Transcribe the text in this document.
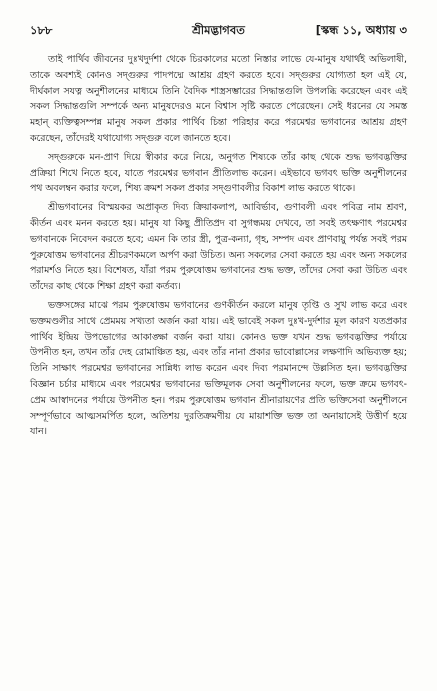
১৮৮	শ্রীমদ্ভাগবত	[স্কন্ধ ১১, অধ্যায় ৩

তাই পার্থিব জীবনের দুঃখদুর্দশা থেকে চিরকালের মতো নিস্তার লাভে যে-মানুষ যথার্থই অভিলাষী, তাকে অবশ্যই কোনও সদ্গুরুর পাদপদ্মে আশ্রয় গ্রহণ করতে হবে। সদ্গুরুর যোগ্যতা হল এই যে, দীর্ঘকাল সযত্ন অনুশীলনের মাধ্যমে তিনি বৈদিক শাস্ত্রসম্ভারের সিদ্ধান্তগুলি উপলব্ধি করেছেন এবং এই সকল সিদ্ধান্তগুলি সম্পর্কে অন্য মানুষদেরও মনে বিশ্বাস সৃষ্টি করতে পেরেছেন। সেই ধরনের যে সমস্ত মহান্ ব্যক্তিত্বসম্পন্ন মানুষ সকল প্রকার পার্থিব চিন্তা পরিহার করে পরমেশ্বর ভগবানের আশ্রয় গ্রহণ করেছেন, তাঁদেরই যথাযোগ্য সদ্গুরু বলে জানতে হবে।

সদ্গুরুকে মন-প্রাণ দিয়ে স্বীকার করে নিয়ে, অনুগত শিষ্যকে তাঁর কাছ থেকে শুদ্ধ ভগবদ্ভক্তির প্রক্রিয়া শিখে নিতে হবে, যাতে পরমেশ্বর ভগবান প্রীতিলাভ করেন। এইভাবে ভগবৎ ভক্তি অনুশীলনের পথ অবলম্বন করার ফলে, শিষ্য ক্রমশ সকল প্রকার সদ্গুণাবলীর বিকাশ লাভ করতে থাকে।

শ্রীভগবানের বিস্ময়কর অপ্রাকৃত দিব্য ক্রিয়াকলাপ, আবির্ভাব, গুণাবলী এবং পবিত্র নাম শ্রবণ, কীর্তন এবং মনন করতে হয়। মানুষ যা কিছু প্রীতিপ্রদ বা সুগন্ধময় দেখবে, তা সবই তৎক্ষণাৎ পরমেশ্বর ভগবানকে নিবেদন করতে হবে; এমন কি তার স্ত্রী, পুত্র-কন্যা, গৃহ, সম্পদ এবং প্রাণবায়ু পর্যন্ত সবই পরম পুরুষোত্তম ভগবানের শ্রীচরণকমলে অর্পণ করা উচিত। অন্য সকলের সেবা করতে হয় এবং অন্য সকলের পরামর্শও নিতে হয়। বিশেষত, যাঁরা পরম পুরুষোত্তম ভগবানের শুদ্ধ ভক্ত, তাঁদের সেবা করা উচিত এবং তাঁদের কাছ থেকে শিক্ষা গ্রহণ করা কর্তব্য।

ভক্তসঙ্গের মাঝে পরম পুরুষোত্তম ভগবানের গুণকীর্তন করলে মানুষ তৃপ্তি ও সুখ লাভ করে এবং ভক্তমণ্ডলীর সাথে প্রেমময় সখ্যতা অর্জন করা যায়। এই ভাবেই সকল দুঃখ-দুর্দশার মূল কারণ যতপ্রকার পার্থিব ইন্দ্রিয় উপভোগের আকাঙ্ক্ষা বর্জন করা যায়। কোনও ভক্ত যখন শুদ্ধ ভগবদ্ভক্তির পর্যায়ে উপনীত হন, তখন তাঁর দেহ রোমাঞ্চিত হয়, এবং তাঁর নানা প্রকার ভাবোল্লাসের লক্ষণাদি অভিব্যক্ত হয়; তিনি সাক্ষাৎ পরমেশ্বর ভগবানের সান্নিধ্য লাভ করেন এবং দিব্য পরমানন্দে উল্লসিত হন। ভগবদ্ভক্তির বিজ্ঞান চর্চার মাধ্যমে এবং পরমেশ্বর ভগবানের ভক্তিমূলক সেবা অনুশীলনের ফলে, ভক্ত ক্রমে ভগবৎ-প্রেম আস্বাদনের পর্যায়ে উপনীত হন। পরম পুরুষোত্তম ভগবান শ্রীনারায়ণের প্রতি ভক্তিসেবা অনুশীলনে সম্পূর্ণভাবে আত্মসমর্পিত হলে, অতিশয় দুরতিক্রমণীয় যে মায়াশক্তি ভক্ত তা অনায়াসেই উত্তীর্ণ হয়ে যান।
